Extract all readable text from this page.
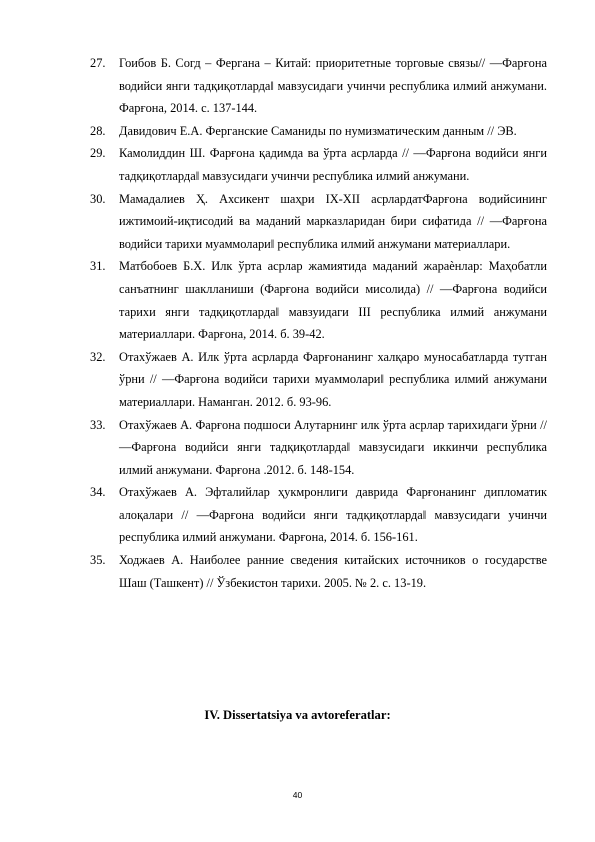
27.	Гоибов Б. Согд – Фергана – Китай: приоритетные торговые связы// ―Фарғона водийси янги тадқиқотларда‖ мавзусидаги учинчи республика илмий анжумани. Фарғона, 2014. с. 137-144.
28.	Давидович Е.А. Ферганские Саманиды по нумизматическим данным // ЭВ.
29.	Камолиддин Ш. Фарғона қадимда ва ўрта асрларда // ―Фарғона водийси янги тадқиқотларда‖ мавзусидаги учинчи республика илмий анжумани.
30.	Мамадалиев Ҳ. Ахсикент шаҳри IX-XII асрлардатФарғона водийсининг ижтимоий-иқтисодий ва маданий марказларидан бири сифатида // ―Фарғона водийси тарихи муаммолари‖ республика илмий анжумани материаллари.
31.	Матбобоев Б.Х. Илк ўрта асрлар жамиятида маданий жараѐнлар: Маҳобатли санъатнинг шаклланиши (Фарғона водийси мисолида) // ―Фарғона водийси тарихи янги тадқиқотларда‖ мавзуидаги III республика илмий анжумани материаллари. Фарғона, 2014. б. 39-42.
32.	Отахўжаев А. Илк ўрта асрларда Фарғонанинг халқаро муносабатларда тутган ўрни // ―Фарғона водийси тарихи муаммолари‖ республика илмий анжумани материаллари. Наманган. 2012. б. 93-96.
33.	Отахўжаев А. Фарғона подшоси Алутарнинг илк ўрта асрлар тарихидаги ўрни // ―Фарғона водийси янги тадқиқотларда‖ мавзусидаги иккинчи республика илмий анжумани. Фарғона .2012. б. 148-154.
34.	Отахўжаев А. Эфталийлар ҳукмронлиги даврида Фарғонанинг дипломатик алоқалари // ―Фарғона водийси янги тадқиқотларда‖ мавзусидаги учинчи республика илмий анжумани. Фарғона, 2014. б. 156-161.
35.	Ходжаев А. Наиболее ранние сведения китайских источников о государстве Шаш (Ташкент) // Ўзбекистон тарихи. 2005. № 2. с. 13-19.
IV. Dissertatsiya va avtoreferatlar:
40
